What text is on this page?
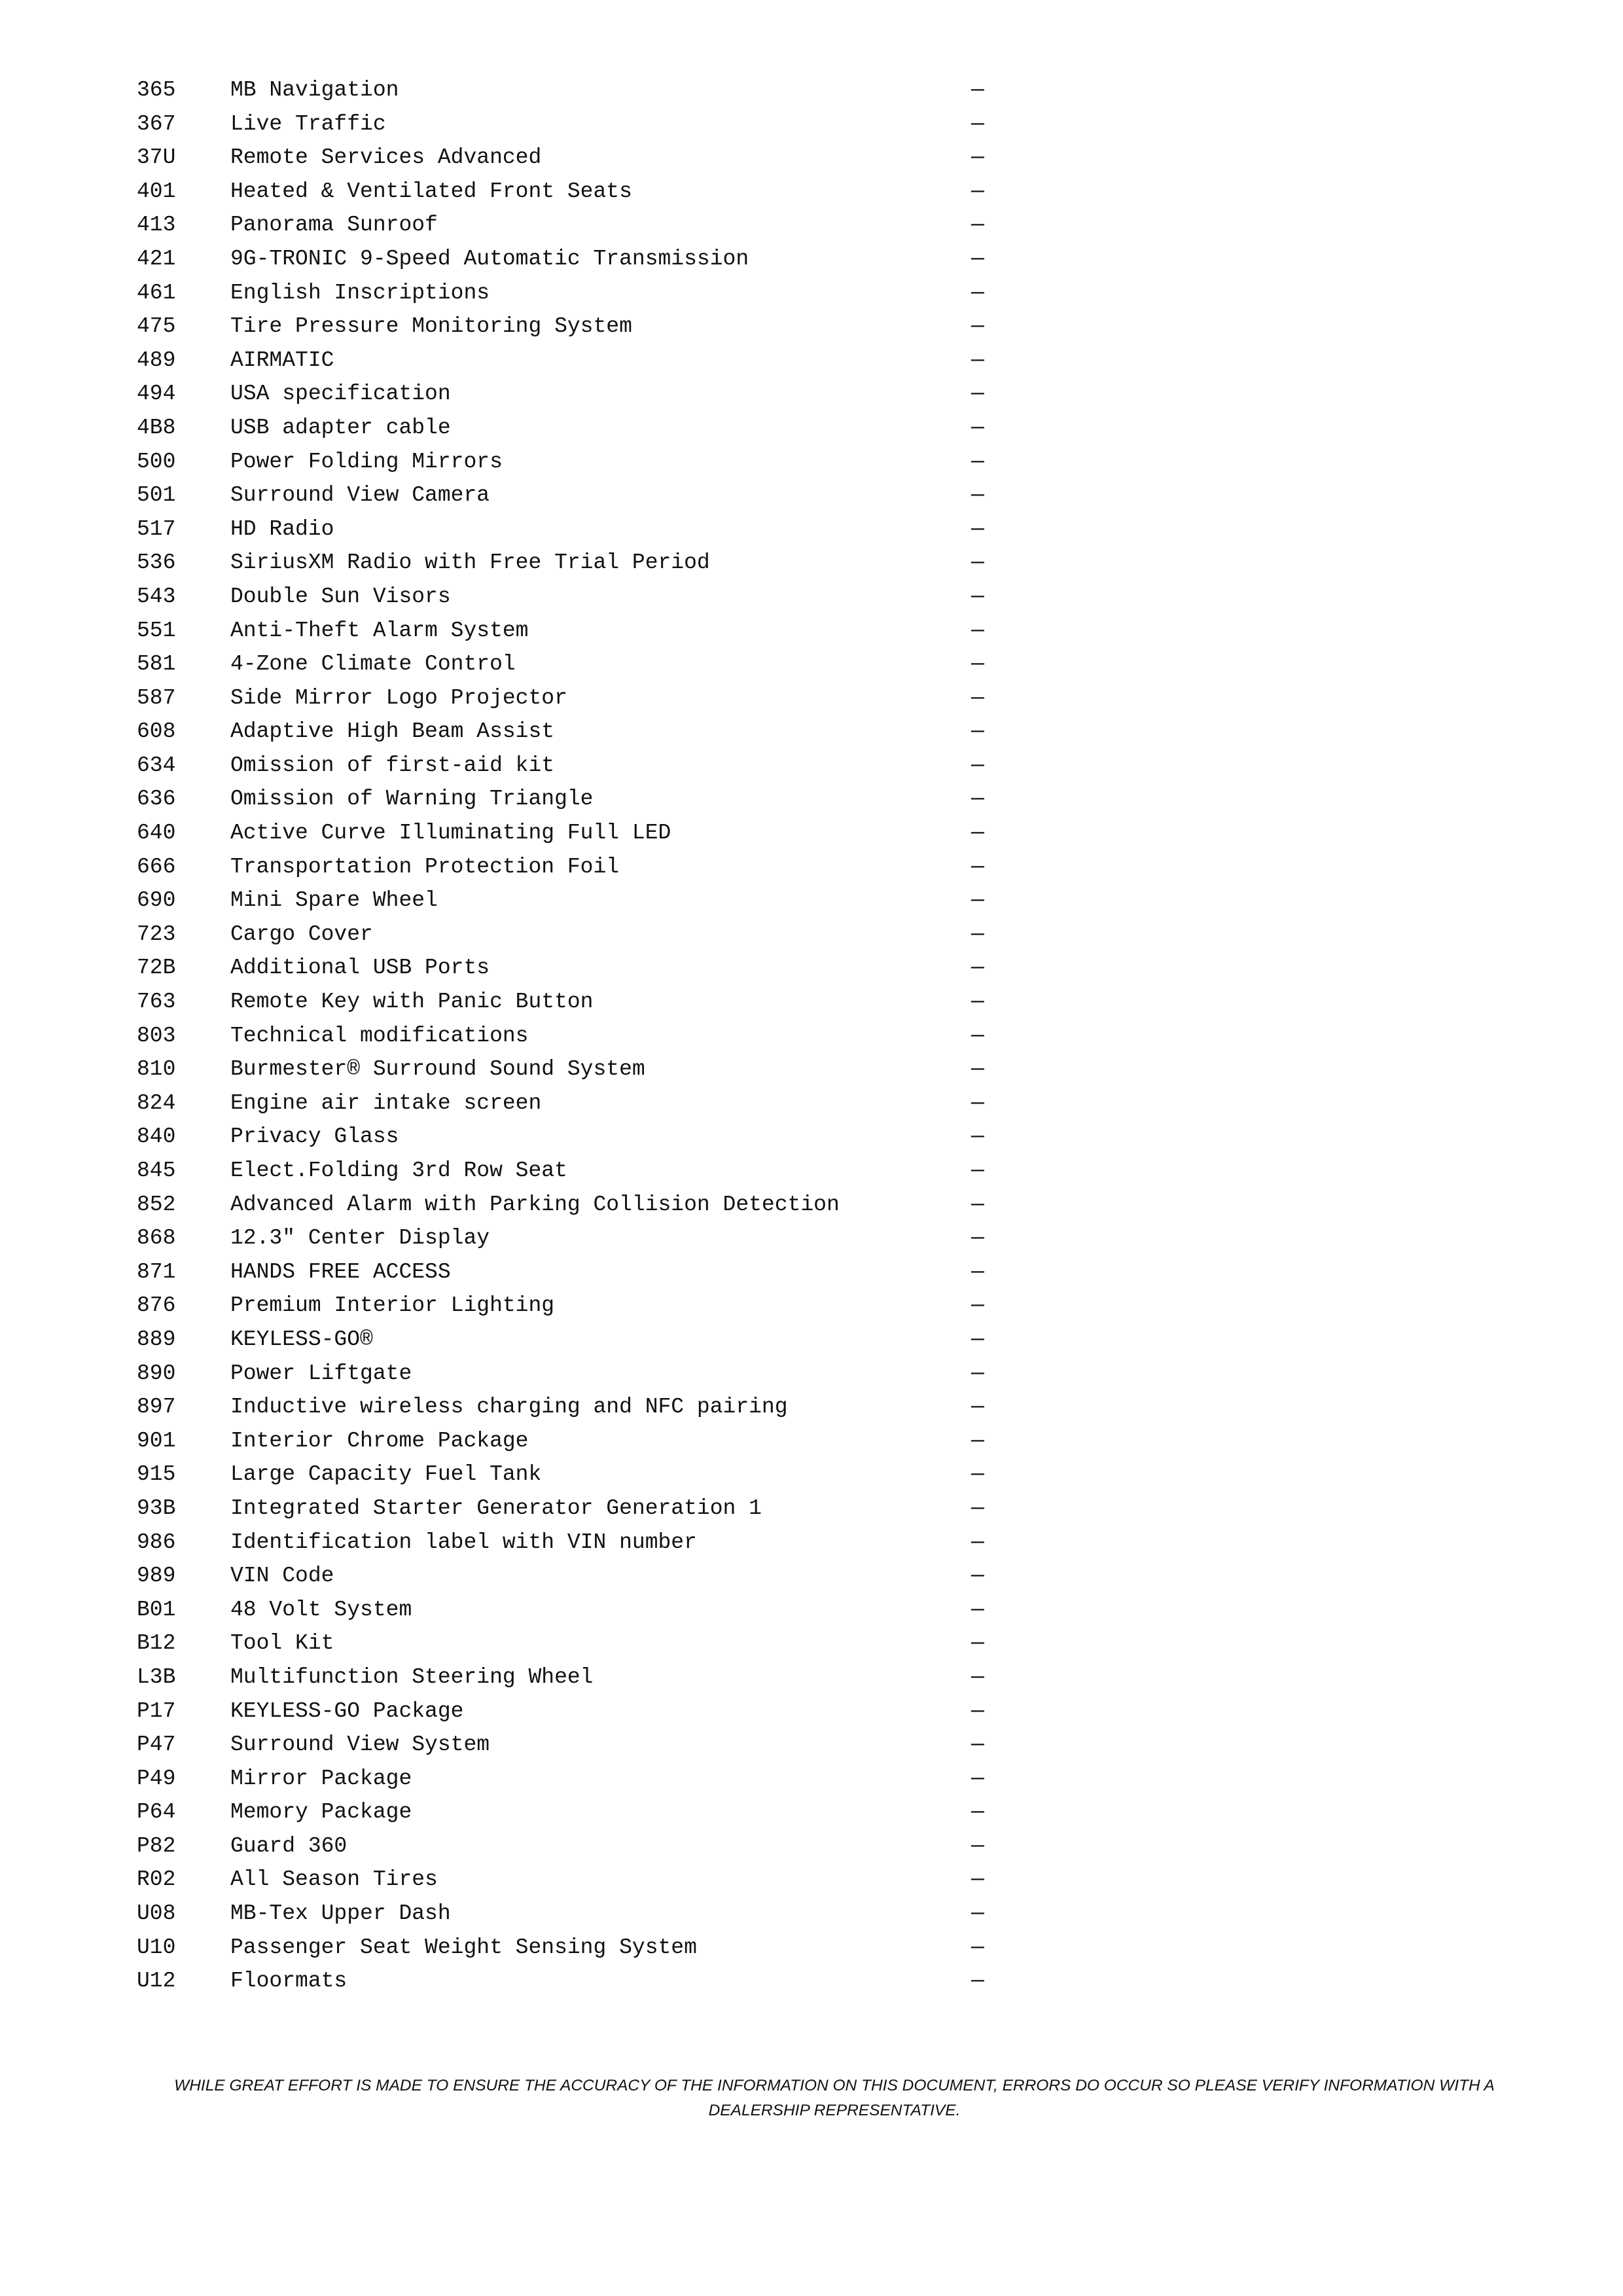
365	MB Navigation	—
367	Live Traffic	—
37U	Remote Services Advanced	—
401	Heated & Ventilated Front Seats	—
413	Panorama Sunroof	—
421	9G-TRONIC 9-Speed Automatic Transmission	—
461	English Inscriptions	—
475	Tire Pressure Monitoring System	—
489	AIRMATIC	—
494	USA specification	—
4B8	USB adapter cable	—
500	Power Folding Mirrors	—
501	Surround View Camera	—
517	HD Radio	—
536	SiriusXM Radio with Free Trial Period	—
543	Double Sun Visors	—
551	Anti-Theft Alarm System	—
581	4-Zone Climate Control	—
587	Side Mirror Logo Projector	—
608	Adaptive High Beam Assist	—
634	Omission of first-aid kit	—
636	Omission of Warning Triangle	—
640	Active Curve Illuminating Full LED	—
666	Transportation Protection Foil	—
690	Mini Spare Wheel	—
723	Cargo Cover	—
72B	Additional USB Ports	—
763	Remote Key with Panic Button	—
803	Technical modifications	—
810	Burmester® Surround Sound System	—
824	Engine air intake screen	—
840	Privacy Glass	—
845	Elect.Folding 3rd Row Seat	—
852	Advanced Alarm with Parking Collision Detection	—
868	12.3" Center Display	—
871	HANDS FREE ACCESS	—
876	Premium Interior Lighting	—
889	KEYLESS-GO®	—
890	Power Liftgate	—
897	Inductive wireless charging and NFC pairing	—
901	Interior Chrome Package	—
915	Large Capacity Fuel Tank	—
93B	Integrated Starter Generator Generation 1	—
986	Identification label with VIN number	—
989	VIN Code	—
B01	48 Volt System	—
B12	Tool Kit	—
L3B	Multifunction Steering Wheel	—
P17	KEYLESS-GO Package	—
P47	Surround View System	—
P49	Mirror Package	—
P64	Memory Package	—
P82	Guard 360	—
R02	All Season Tires	—
U08	MB-Tex Upper Dash	—
U10	Passenger Seat Weight Sensing System	—
U12	Floormats	—
WHILE GREAT EFFORT IS MADE TO ENSURE THE ACCURACY OF THE INFORMATION ON THIS DOCUMENT, ERRORS DO OCCUR SO PLEASE VERIFY INFORMATION WITH A DEALERSHIP REPRESENTATIVE.
